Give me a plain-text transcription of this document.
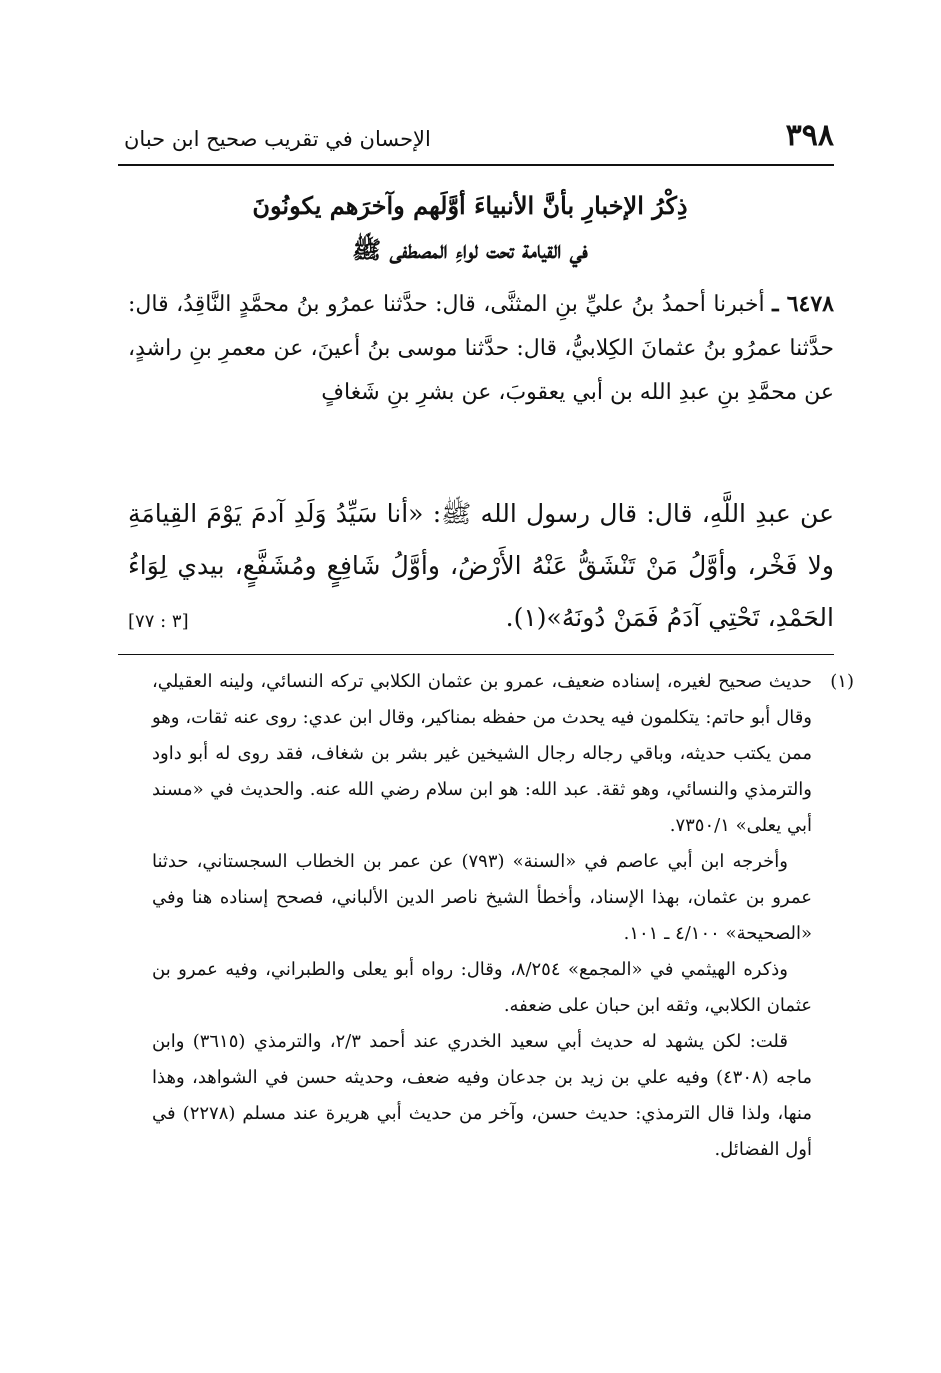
٣٩٨
الإحسان في تقريب صحيح ابن حبان
ذِكْرُ الإخبارِ بأنَّ الأنبياءَ أوَّلَهم وآخرَهم يكونُونَ
في القيامة تحت لواءِ المصطفى ﷺ
٦٤٧٨ ـ أخبرنا أحمدُ بنُ عليِّ بنِ المثنَّى، قال: حدَّثنا عمرُو بنُ محمَّدٍ النَّاقِدُ، قال: حدَّثنا عمرُو بنُ عثمانَ الكِلابيُّ، قال: حدَّثنا موسى بنُ أعينَ، عن معمرِ بنِ راشدٍ، عن محمَّدِ بنِ عبدِ الله بن أبي يعقوبَ، عن بشرِ بنِ شَغافٍ
عن عبدِ اللَّهِ، قال: قال رسول الله ﷺ: «أنا سَيِّدُ وَلَدِ آدمَ يَوْمَ القِيامَةِ ولا فَخْر، وأوَّلُ مَنْ تَنْشَقُّ عَنْهُ الأَرْضُ، وأوَّلُ شَافِعٍ ومُشَفَّعٍ، بيدي لِوَاءُ الحَمْدِ، تَحْتِي آدَمُ فَمَنْ دُونَهُ»(١).
[٣ : ٧٧]
(١)

حديث صحيح لغيره، إسناده ضعيف، عمرو بن عثمان الكلابي تركه النسائي، ولينه العقيلي، وقال أبو حاتم: يتكلمون فيه يحدث من حفظه بمناكير، وقال ابن عدي: روى عنه ثقات، وهو ممن يكتب حديثه، وباقي رجاله رجال الشيخين غير بشر بن شغاف، فقد روى له أبو داود والترمذي والنسائي، وهو ثقة. عبد الله: هو ابن سلام رضي الله عنه. والحديث في «مسند أبي يعلى» ٧٣٥٠/١.

وأخرجه ابن أبي عاصم في «السنة» (٧٩٣) عن عمر بن الخطاب السجستاني، حدثنا عمرو بن عثمان، بهذا الإسناد، وأخطأ الشيخ ناصر الدين الألباني، فصحح إسناده هنا وفي «الصحيحة» ٤/١٠٠ ـ ١٠١.

وذكره الهيثمي في «المجمع» ٨/٢٥٤، وقال: رواه أبو يعلى والطبراني، وفيه عمرو بن عثمان الكلابي، وثقه ابن حبان على ضعفه.

قلت: لكن يشهد له حديث أبي سعيد الخدري عند أحمد ٢/٣، والترمذي (٣٦١٥) وابن ماجه (٤٣٠٨) وفيه علي بن زيد بن جدعان وفيه ضعف، وحديثه حسن في الشواهد، وهذا منها، ولذا قال الترمذي: حديث حسن، وآخر من حديث أبي هريرة عند مسلم (٢٢٧٨) في أول الفضائل.
